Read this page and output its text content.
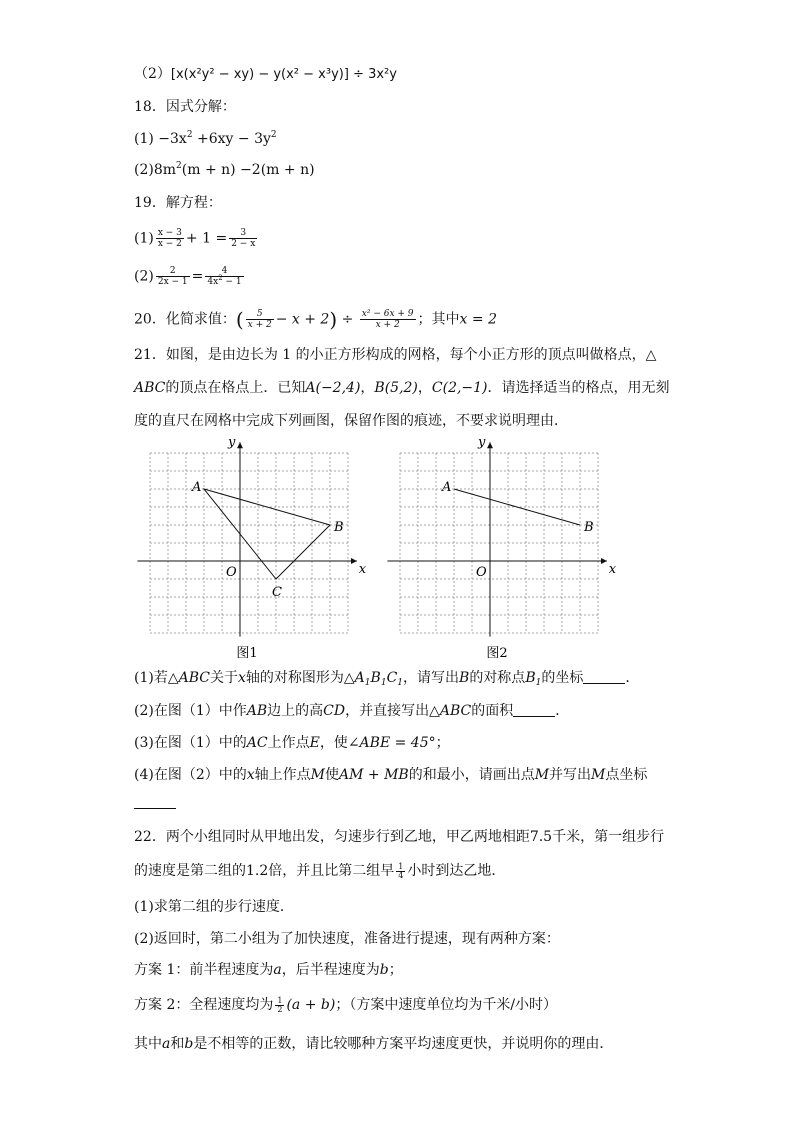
（2）[x(x²y² − xy) − y(x² − x³y)] ÷ 3x²y
18．因式分解：
$(1) -3x^2 +6xy - 3y^2$
$(2)8m^2(m + n) -2(m + n)$
19．解方程：
$(1) \frac{x - 3}{x - 2} + 1 = \frac{3}{2 - x}$
$(2) \frac{2}{2x - 1} = \frac{4}{4x^2 - 1}$
20．化简求值：( $\frac{5}{x + 2} - x + 2) \div \frac{\text{x² − 6x + 9}}{x + 2}$ ；其中x = 2
21．如图，是由边长为 1 的小正方形构成的网格，每个小正方形的顶点叫做格点，△
ABC的顶点在格点上．已知A(−2,4)，B(5,2)，C(2,−1)．请选择适当的格点，用无刻
度的直尺在网格中完成下列画图，保留作图的痕迹，不要求说明理由．
x
y
O
A
B
C
图1
x
y
O
A
B
图2
(1)若△ABC关于x轴的对称图形为$\triangle A_1B_1C_1$，请写出B的对称点$B_1$的坐标	．
(2)在图（1）中作AB边上的高CD，并直接写出△ABC的面积	．
(3)在图（1）中的AC上作点E，使∠ABE = 45°；
(4)在图（2）中的x轴上作点M使AM + MB的和最小，请画出点M并写出M点坐标
22．两个小组同时从甲地出发，匀速步行到乙地，甲乙两地相距7.5千米，第一组步行
的速度是第二组的1.2倍，并且比第二组早 $\frac{1}{4}$ 小时到达乙地．
(1)求第二组的步行速度．
(2)返回时，第二小组为了加快速度，准备进行提速，现有两种方案：
方案 1：前半程速度为a，后半程速度为b；
方案 2：全程速度均为 $\frac{1}{2} (a + b)$；（方案中速度单位均为千米/小时）
其中a和b是不相等的正数，请比较哪种方案平均速度更快，并说明你的理由．
